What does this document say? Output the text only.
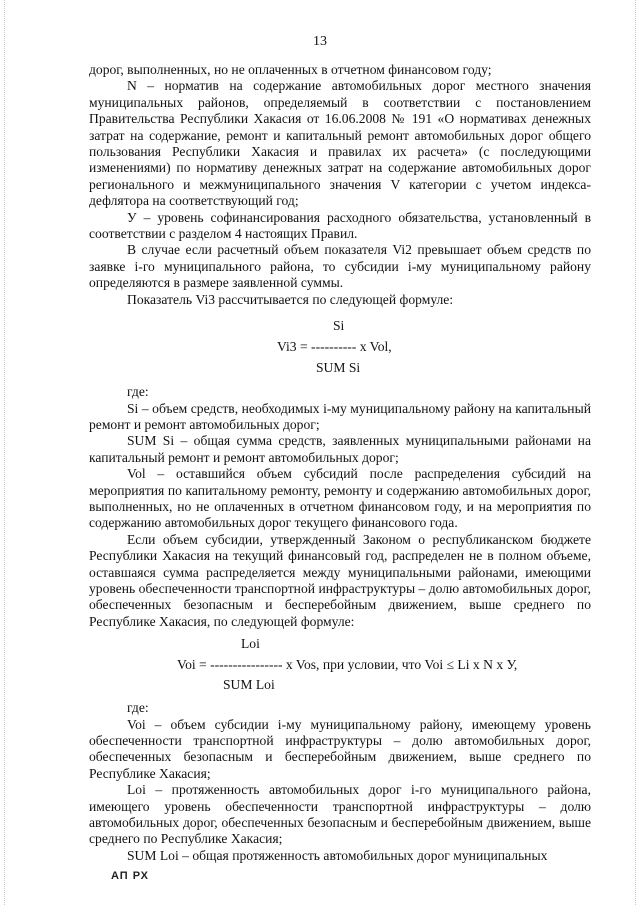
13

дорог, выполненных, но не оплаченных в отчетном финансовом году;

N – норматив на содержание автомобильных дорог местного значения муниципальных районов, определяемый в соответствии с постановлением Правительства Республики Хакасия от 16.06.2008 № 191 «О нормативах денежных затрат на содержание, ремонт и капитальный ремонт автомобильных дорог общего пользования Республики Хакасия и правилах их расчета» (с последующими изменениями) по нормативу денежных затрат на содержание автомобильных дорог регионального и межмуниципального значения V категории с учетом индекса-дефлятора на соответствующий год;

У – уровень софинансирования расходного обязательства, установленный в соответствии с разделом 4 настоящих Правил.

В случае если расчетный объем показателя Vi2 превышает объем средств по заявке i-го муниципального района, то субсидии i-му муниципальному району определяются в размере заявленной суммы.

Показатель Vi3 рассчитывается по следующей формуле:

Si
Vi3 = ---------- x Vol,
SUM Si

где:

Si – объем средств, необходимых i-му муниципальному району на капитальный ремонт и ремонт автомобильных дорог;

SUM Si – общая сумма средств, заявленных муниципальными районами на капитальный ремонт и ремонт автомобильных дорог;

Vol – оставшийся объем субсидий после распределения субсидий на мероприятия по капитальному ремонту, ремонту и содержанию автомобильных дорог, выполненных, но не оплаченных в отчетном финансовом году, и на мероприятия по содержанию автомобильных дорог текущего финансового года.

Если объем субсидии, утвержденный Законом о республиканском бюджете Республики Хакасия на текущий финансовый год, распределен не в полном объеме, оставшаяся сумма распределяется между муниципальными районами, имеющими уровень обеспеченности транспортной инфраструктуры – долю автомобильных дорог, обеспеченных безопасным и бесперебойным движением, выше среднего по Республике Хакасия, по следующей формуле:

Loi
Voi = ---------------- x Vos, при условии, что Voi ≤ Li x N x У,
SUM Loi

где:

Voi – объем субсидии i-му муниципальному району, имеющему уровень обеспеченности транспортной инфраструктуры – долю автомобильных дорог, обеспеченных безопасным и бесперебойным движением, выше среднего по Республике Хакасия;

Loi – протяженность автомобильных дорог i-го муниципального района, имеющего уровень обеспеченности транспортной инфраструктуры – долю автомобильных дорог, обеспеченных безопасным и бесперебойным движением, выше среднего по Республике Хакасия;

SUM Loi – общая протяженность автомобильных дорог муниципальных

АП РХ
